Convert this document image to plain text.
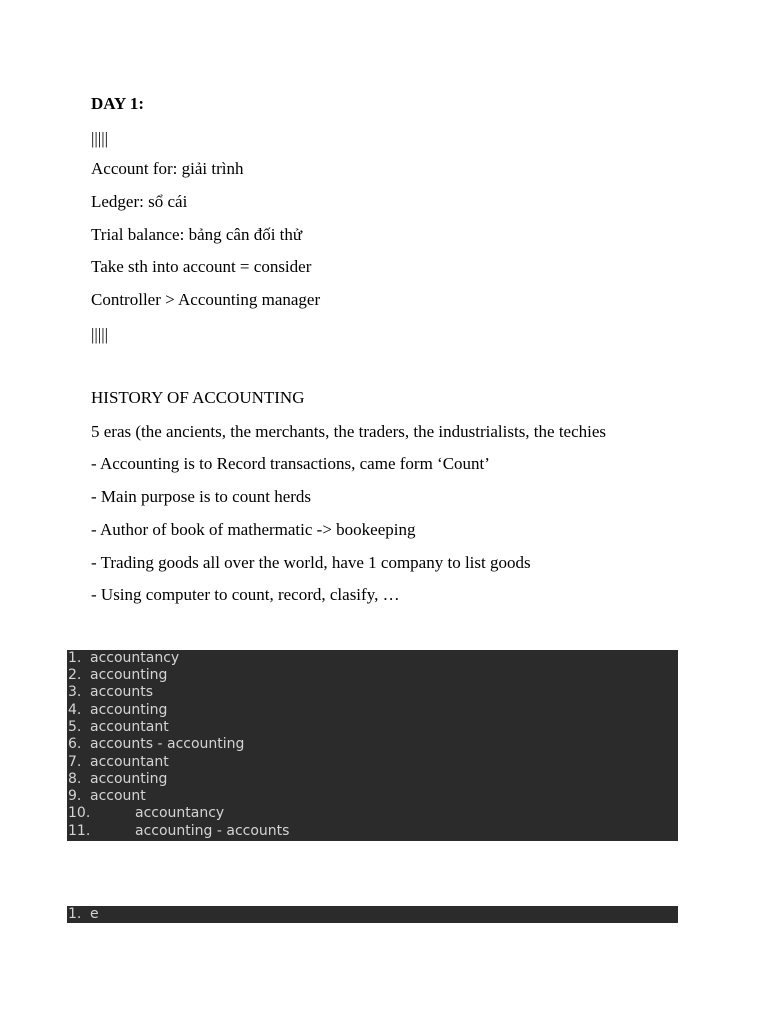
DAY 1:
|||||
Account for: giải trình
Ledger: sổ cái
Trial balance: bảng cân đối thử
Take sth into account = consider
Controller > Accounting manager
|||||
HISTORY OF ACCOUNTING
5 eras (the ancients, the merchants, the traders, the industrialists, the techies
- Accounting is to Record transactions, came form ‘Count’
- Main purpose is to count herds
- Author of book of mathermatic -> bookeeping
- Trading goods all over the world, have 1 company to list goods
- Using computer to count, record, clasify, …
1. accountancy
2. accounting
3. accounts
4. accounting
5. accountant
6. accounts - accounting
7. accountant
8. accounting
9. account
10.	accountancy
11.	accounting - accounts
1. e
